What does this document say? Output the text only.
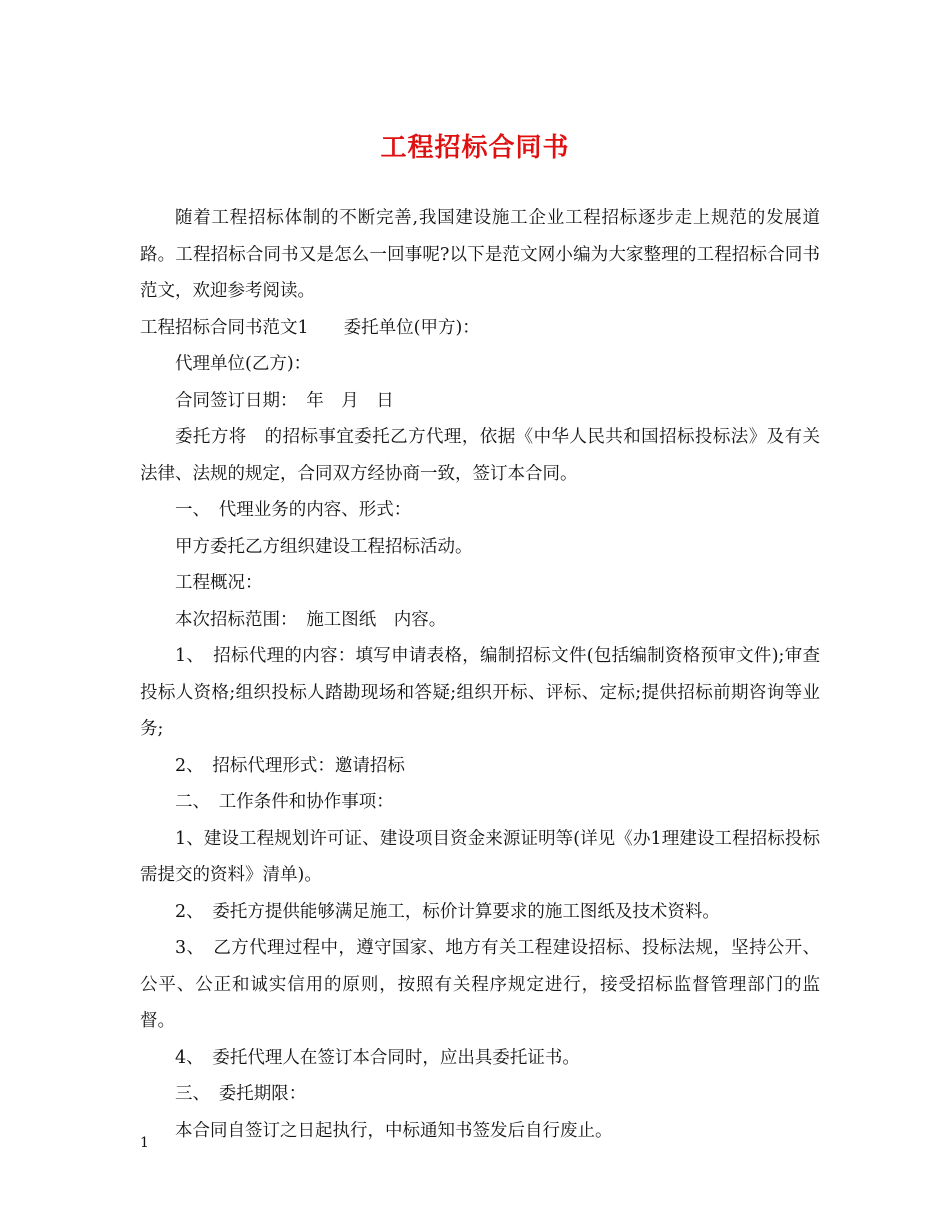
工程招标合同书

随着工程招标体制的不断完善,我国建设施工企业工程招标逐步走上规范的发展道路。工程招标合同书又是怎么一回事呢?以下是范文网小编为大家整理的工程招标合同书范文，欢迎参考阅读。

工程招标合同书范文1　　委托单位(甲方)：

代理单位(乙方)：

合同签订日期：　年　月　日

委托方将　的招标事宜委托乙方代理，依据《中华人民共和国招标投标法》及有关法律、法规的规定，合同双方经协商一致，签订本合同。

一、　代理业务的内容、形式：

甲方委托乙方组织建设工程招标活动。

工程概况：

本次招标范围：　施工图纸　内容。

1、　招标代理的内容：填写申请表格，编制招标文件(包括编制资格预审文件);审查投标人资格;组织投标人踏勘现场和答疑;组织开标、评标、定标;提供招标前期咨询等业务;

2、　招标代理形式：邀请招标

二、　工作条件和协作事项：

1、建设工程规划许可证、建设项目资金来源证明等(详见《办1理建设工程招标投标需提交的资料》清单)。

2、　委托方提供能够满足施工，标价计算要求的施工图纸及技术资料。

3、　乙方代理过程中，遵守国家、地方有关工程建设招标、投标法规，坚持公开、公平、公正和诚实信用的原则，按照有关程序规定进行，接受招标监督管理部门的监督。

4、　委托代理人在签订本合同时，应出具委托证书。

三、　委托期限：

本合同自签订之日起执行，中标通知书签发后自行废止。

1
